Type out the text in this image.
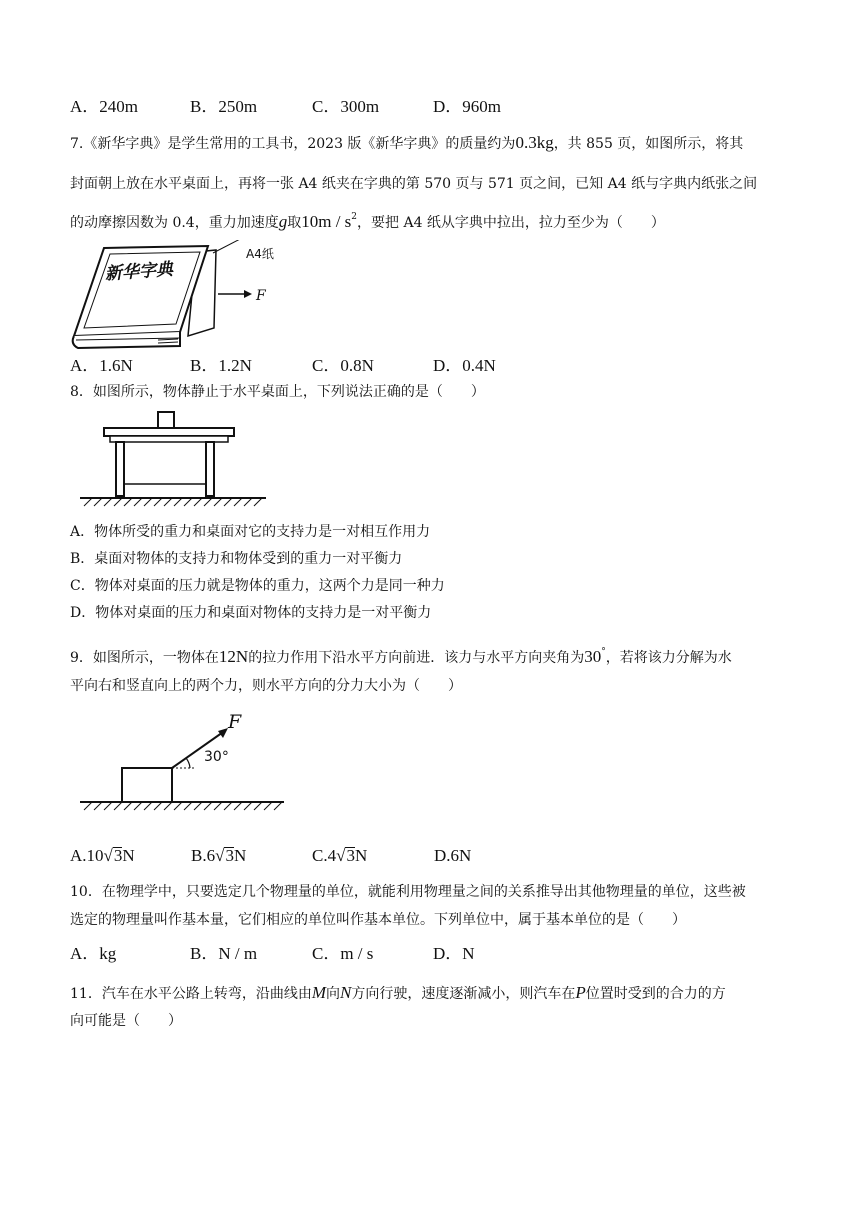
A．240m	B．250m	C．300m	D．960m
7.《新华字典》是学生常用的工具书，2023 版《新华字典》的质量约为0.3kg，共 855 页，如图所示，将其
封面朝上放在水平桌面上，再将一张 A4 纸夹在字典的第 570 页与 571 页之间，已知 A4 纸与字典内纸张之间
的动摩擦因数为 0.4，重力加速度g取$10m / s^2$，要把 A4 纸从字典中拉出，拉力至少为（　　）
新华字典
A4纸
F
A．1.6N	B．1.2N	C．0.8N	D．0.4N
8．如图所示，物体静止于水平桌面上，下列说法正确的是（　　）
A．物体所受的重力和桌面对它的支持力是一对相互作用力
B．桌面对物体的支持力和物体受到的重力一对平衡力
C．物体对桌面的压力就是物体的重力，这两个力是同一种力
D．物体对桌面的压力和桌面对物体的支持力是一对平衡力
9．如图所示，一物体在12N的拉力作用下沿水平方向前进．该力与水平方向夹角为30°，若将该力分解为水
平向右和竖直向上的两个力，则水平方向的分力大小为（　　）
F
30°
A.10√3N	B.6√3N	C.4√3N	D.6N
10．在物理学中，只要选定几个物理量的单位，就能利用物理量之间的关系推导出其他物理量的单位，这些被
选定的物理量叫作基本量，它们相应的单位叫作基本单位。下列单位中，属于基本单位的是（　　）
A．kg	B．N / m	C．m / s	D．N
11．汽车在水平公路上转弯，沿曲线由M向N方向行驶，速度逐渐减小，则汽车在P位置时受到的合力的方
向可能是（　　）
